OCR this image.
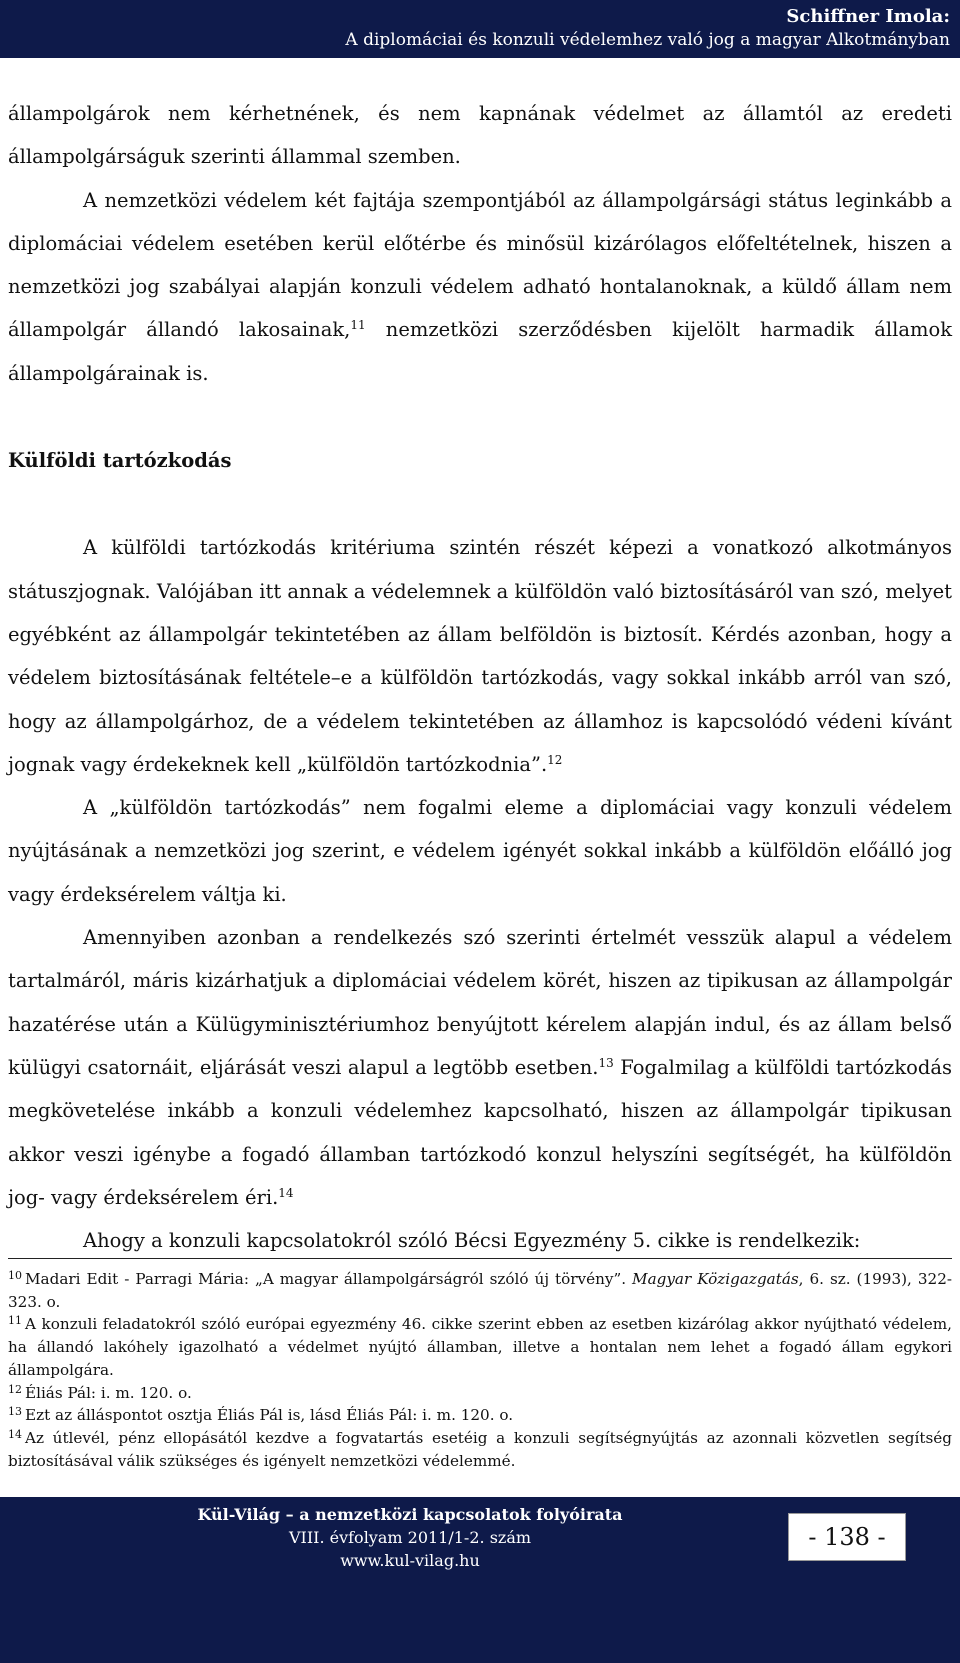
Schiffner Imola:
A diplomáciai és konzuli védelemhez való jog a magyar Alkotmányban

állampolgárok nem kérhetnének, és nem kapnának védelmet az államtól az eredeti állampolgárságuk szerinti állammal szemben.

A nemzetközi védelem két fajtája szempontjából az állampolgársági státus leginkább a diplomáciai védelem esetében kerül előtérbe és minősül kizárólagos előfeltételnek, hiszen a nemzetközi jog szabályai alapján konzuli védelem adható hontalanoknak, a küldő állam nem állampolgár állandó lakosainak,$^{11}$ nemzetközi szerződésben kijelölt harmadik államok állampolgárainak is.

Külföldi tartózkodás

A külföldi tartózkodás kritériuma szintén részét képezi a vonatkozó alkotmányos státuszjognak. Valójában itt annak a védelemnek a külföldön való biztosításáról van szó, melyet egyébként az állampolgár tekintetében az állam belföldön is biztosít. Kérdés azonban, hogy a védelem biztosításának feltétele–e a külföldön tartózkodás, vagy sokkal inkább arról van szó, hogy az állampolgárhoz, de a védelem tekintetében az államhoz is kapcsolódó védeni kívánt jognak vagy érdekeknek kell „külföldön tartózkodnia”.$^{12}$

A „külföldön tartózkodás” nem fogalmi eleme a diplomáciai vagy konzuli védelem nyújtásának a nemzetközi jog szerint, e védelem igényét sokkal inkább a külföldön előálló jog vagy érdeksérelem váltja ki.

Amennyiben azonban a rendelkezés szó szerinti értelmét vesszük alapul a védelem tartalmáról, máris kizárhatjuk a diplomáciai védelem körét, hiszen az tipikusan az állampolgár hazatérése után a Külügyminisztériumhoz benyújtott kérelem alapján indul, és az állam belső külügyi csatornáit, eljárását veszi alapul a legtöbb esetben.$^{13}$ Fogalmilag a külföldi tartózkodás megkövetelése inkább a konzuli védelemhez kapcsolható, hiszen az állampolgár tipikusan akkor veszi igénybe a fogadó államban tartózkodó konzul helyszíni segítségét, ha külföldön jog- vagy érdeksérelem éri.$^{14}$

Ahogy a konzuli kapcsolatokról szóló Bécsi Egyezmény 5. cikke is rendelkezik:

$^{10}$ Madari Edit - Parragi Mária: „A magyar állampolgárságról szóló új törvény”. Magyar Közigazgatás, 6. sz. (1993), 322-323. o.

$^{11}$ A konzuli feladatokról szóló európai egyezmény 46. cikke szerint ebben az esetben kizárólag akkor nyújtható védelem, ha állandó lakóhely igazolható a védelmet nyújtó államban, illetve a hontalan nem lehet a fogadó állam egykori állampolgára.

$^{12}$ Éliás Pál: i. m. 120. o.

$^{13}$ Ezt az álláspontot osztja Éliás Pál is, lásd Éliás Pál: i. m. 120. o.

$^{14}$ Az útlevél, pénz ellopásától kezdve a fogvatartás esetéig a konzuli segítségnyújtás az azonnali közvetlen segítség biztosításával válik szükséges és igényelt nemzetközi védelemmé.

Kül-Világ – a nemzetközi kapcsolatok folyóirata
VIII. évfolyam 2011/1-2. szám
www.kul-vilag.hu
- 138 -
